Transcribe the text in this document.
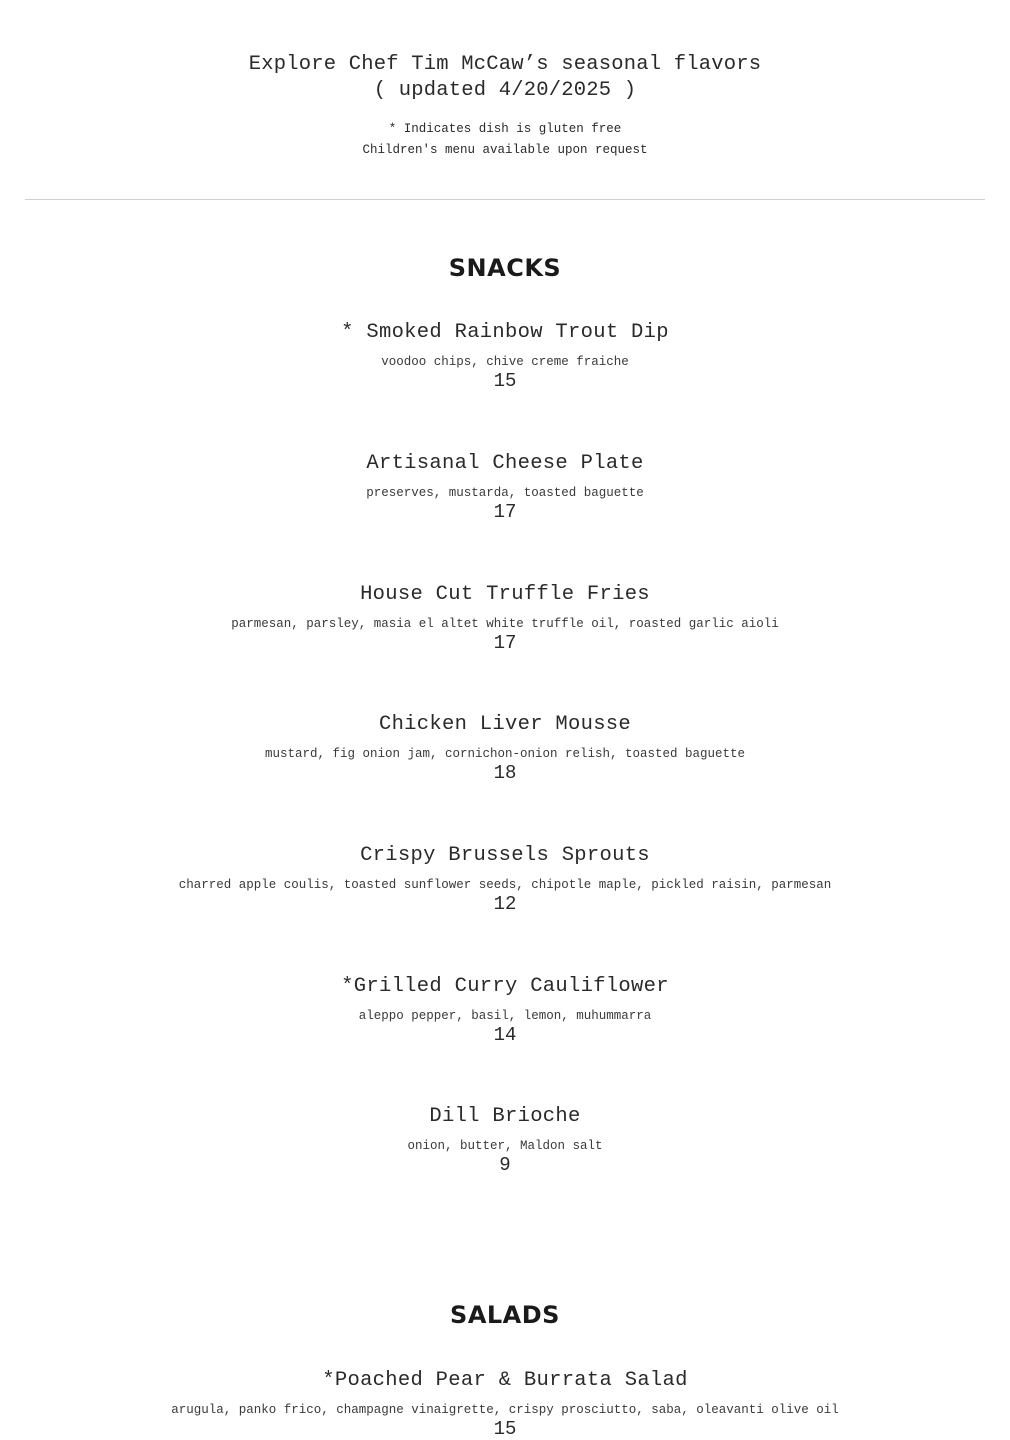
Explore Chef Tim McCaw’s seasonal flavors
( updated 4/20/2025 )
* Indicates dish is gluten free
Children's menu available upon request
SNACKS
* Smoked Rainbow Trout Dip
voodoo chips, chive creme fraiche
15
Artisanal Cheese Plate
preserves, mustarda, toasted baguette
17
House Cut Truffle Fries
parmesan, parsley, masia el altet white truffle oil, roasted garlic aioli
17
Chicken Liver Mousse
mustard, fig onion jam, cornichon-onion relish, toasted baguette
18
Crispy Brussels Sprouts
charred apple coulis, toasted sunflower seeds, chipotle maple, pickled raisin, parmesan
12
*Grilled Curry Cauliflower
aleppo pepper, basil, lemon, muhummarra
14
Dill Brioche
onion, butter, Maldon salt
9
SALADS
*Poached Pear & Burrata Salad
arugula, panko frico, champagne vinaigrette, crispy prosciutto, saba, oleavanti olive oil
15
